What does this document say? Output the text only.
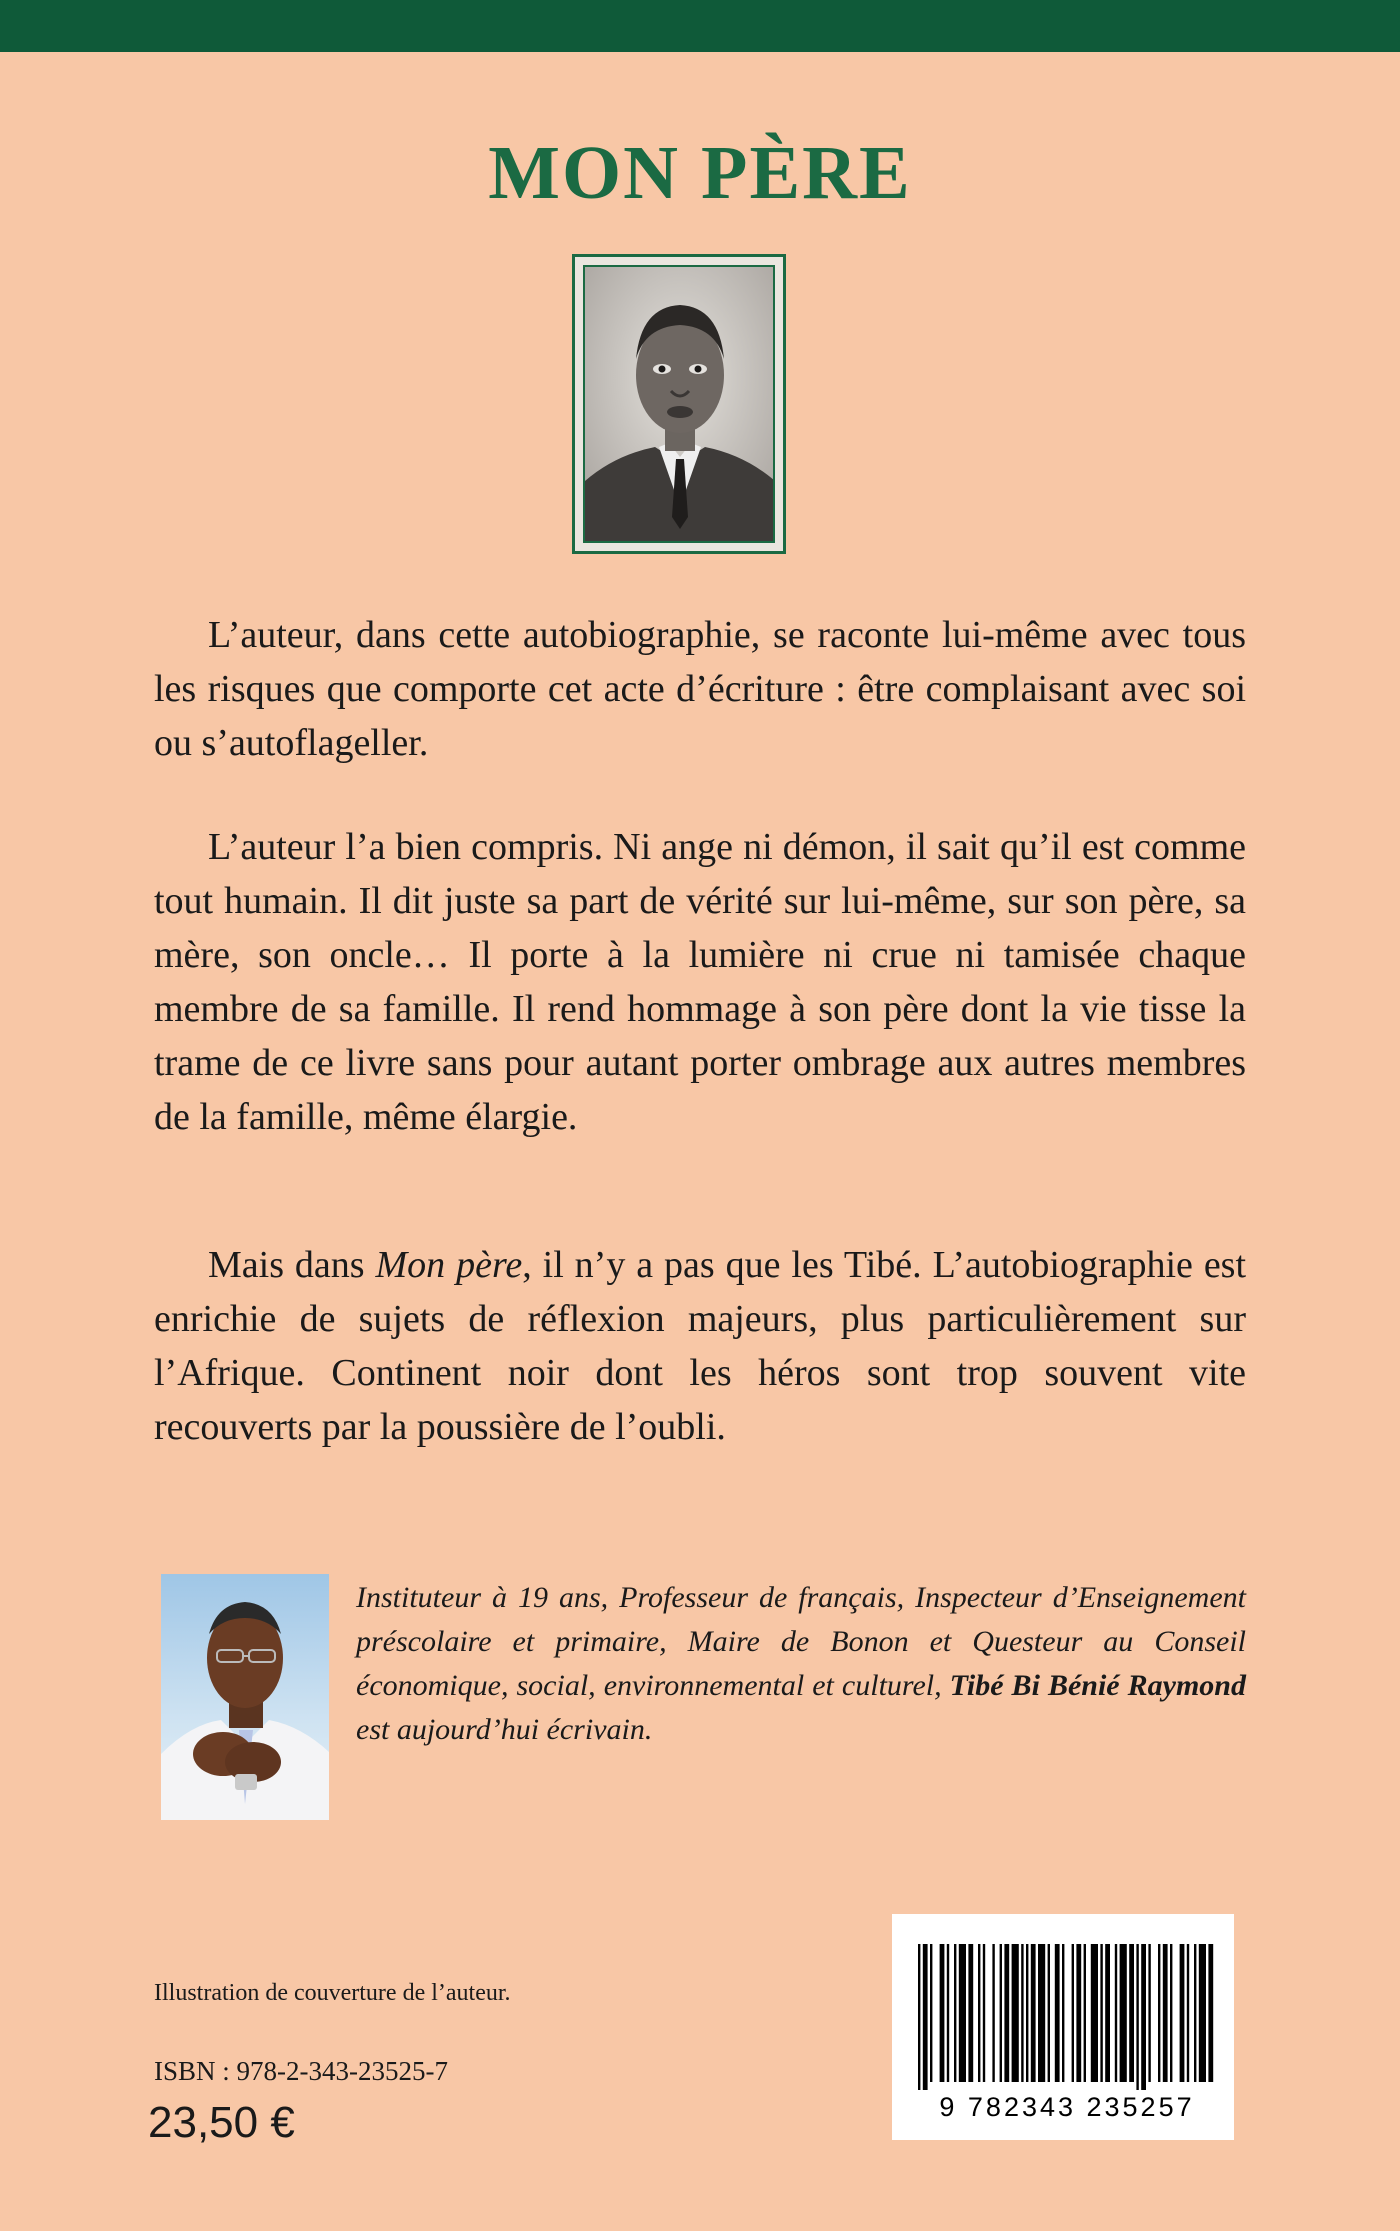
MON PÈRE

L’auteur, dans cette autobiographie, se raconte lui-même avec tous les risques que comporte cet acte d’écriture : être complaisant avec soi ou s’autoflageller.

L’auteur l’a bien compris. Ni ange ni démon, il sait qu’il est comme tout humain. Il dit juste sa part de vérité sur lui-même, sur son père, sa mère, son oncle… Il porte à la lumière ni crue ni tamisée chaque membre de sa famille. Il rend hommage à son père dont la vie tisse la trame de ce livre sans pour autant porter ombrage aux autres membres de la famille, même élargie.

Mais dans Mon père, il n’y a pas que les Tibé. L’autobiographie est enrichie de sujets de réflexion majeurs, plus particulièrement sur l’Afrique. Continent noir dont les héros sont trop souvent vite recouverts par la poussière de l’oubli.

Instituteur à 19 ans, Professeur de français, Inspecteur d’Enseignement préscolaire et primaire, Maire de Bonon et Questeur au Conseil économique, social, environnemental et culturel, Tibé Bi Bénié Raymond est aujourd’hui écrivain.

Illustration de couverture de l’auteur.
ISBN : 978-2-343-23525-7
23,50 €	9 782343 235257
